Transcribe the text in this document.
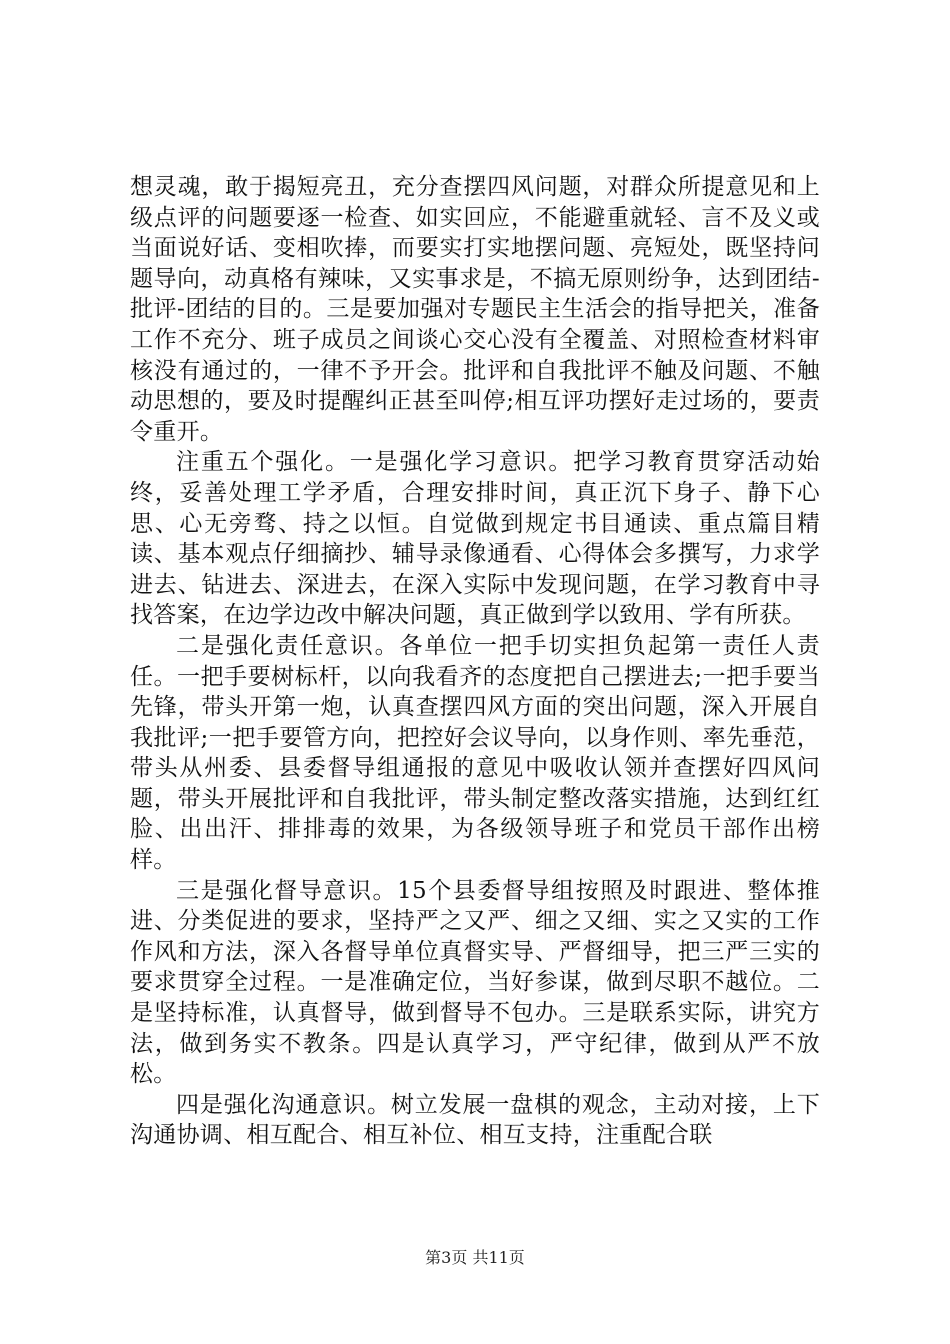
想灵魂，敢于揭短亮丑，充分查摆四风问题，对群众所提意见和上级点评的问题要逐一检查、如实回应，不能避重就轻、言不及义或当面说好话、变相吹捧，而要实打实地摆问题、亮短处，既坚持问题导向，动真格有辣味，又实事求是，不搞无原则纷争，达到团结-批评-团结的目的。三是要加强对专题民主生活会的指导把关，准备工作不充分、班子成员之间谈心交心没有全覆盖、对照检查材料审核没有通过的，一律不予开会。批评和自我批评不触及问题、不触动思想的，要及时提醒纠正甚至叫停;相互评功摆好走过场的，要责令重开。

注重五个强化。一是强化学习意识。把学习教育贯穿活动始终，妥善处理工学矛盾，合理安排时间，真正沉下身子、静下心思、心无旁骛、持之以恒。自觉做到规定书目通读、重点篇目精读、基本观点仔细摘抄、辅导录像通看、心得体会多撰写，力求学进去、钻进去、深进去，在深入实际中发现问题，在学习教育中寻找答案，在边学边改中解决问题，真正做到学以致用、学有所获。

二是强化责任意识。各单位一把手切实担负起第一责任人责任。一把手要树标杆，以向我看齐的态度把自己摆进去;一把手要当先锋，带头开第一炮，认真查摆四风方面的突出问题，深入开展自我批评;一把手要管方向，把控好会议导向，以身作则、率先垂范，带头从州委、县委督导组通报的意见中吸收认领并查摆好四风问题，带头开展批评和自我批评，带头制定整改落实措施，达到红红脸、出出汗、排排毒的效果，为各级领导班子和党员干部作出榜样。

三是强化督导意识。15个县委督导组按照及时跟进、整体推进、分类促进的要求，坚持严之又严、细之又细、实之又实的工作作风和方法，深入各督导单位真督实导、严督细导，把三严三实的要求贯穿全过程。一是准确定位，当好参谋，做到尽职不越位。二是坚持标准，认真督导，做到督导不包办。三是联系实际，讲究方法，做到务实不教条。四是认真学习，严守纪律，做到从严不放松。

四是强化沟通意识。树立发展一盘棋的观念，主动对接，上下沟通协调、相互配合、相互补位、相互支持，注重配合联

第3页 共11页
